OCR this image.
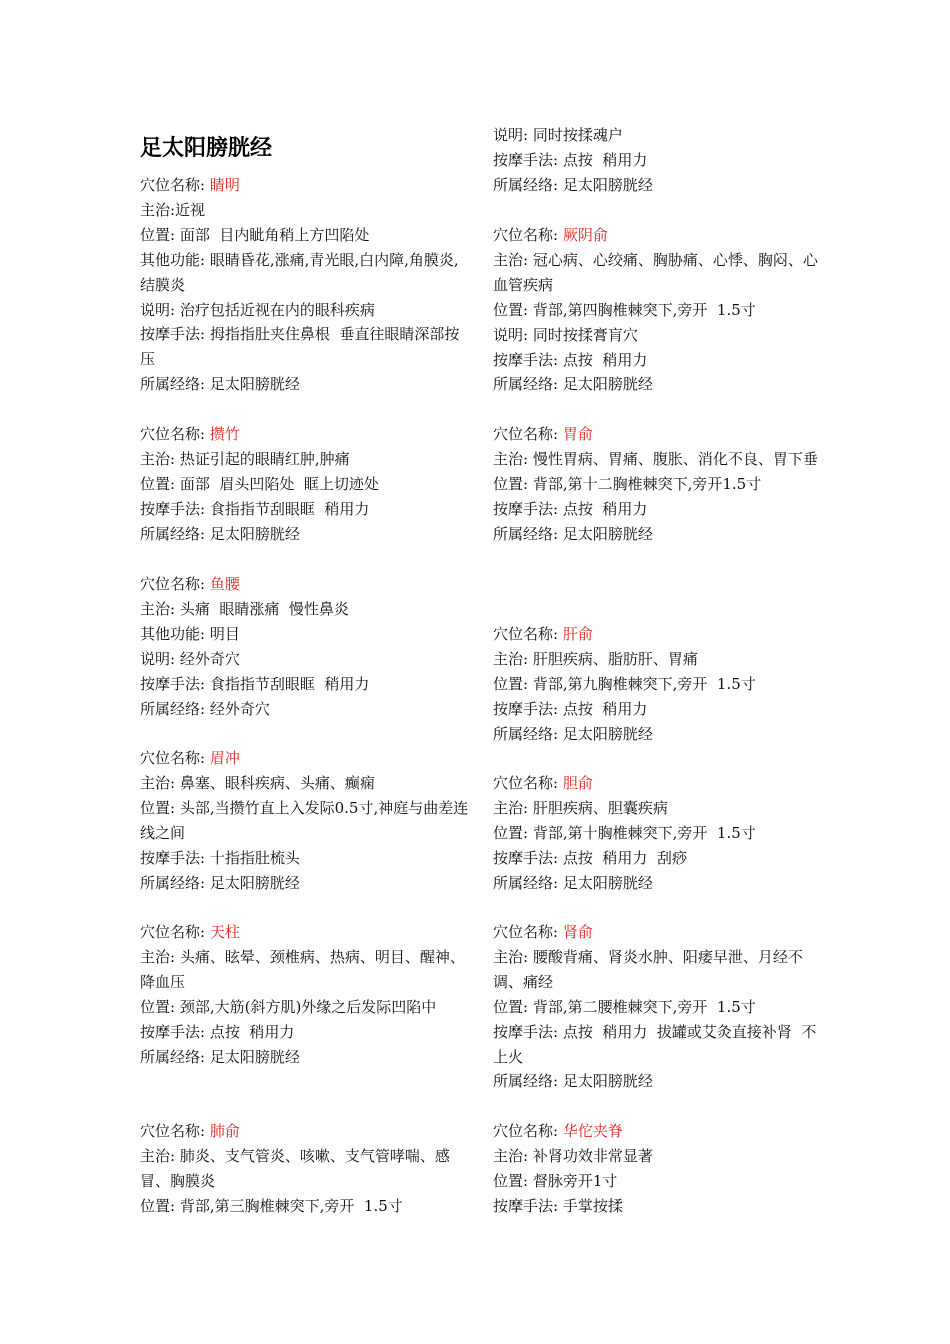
足太阳膀胱经
穴位名称: 睛明
主治:近视
位置: 面部  目内眦角稍上方凹陷处
其他功能: 眼睛昏花,涨痛,青光眼,白内障,角膜炎,结膜炎
说明: 治疗包括近视在内的眼科疾病
按摩手法: 拇指指肚夹住鼻根  垂直往眼睛深部按压
所属经络: 足太阳膀胱经
穴位名称: 攒竹
主治: 热证引起的眼睛红肿,肿痛
位置: 面部  眉头凹陷处  眶上切迹处
按摩手法: 食指指节刮眼眶  稍用力
所属经络: 足太阳膀胱经
穴位名称: 鱼腰
主治: 头痛  眼睛涨痛  慢性鼻炎
其他功能: 明目
说明: 经外奇穴
按摩手法: 食指指节刮眼眶  稍用力
所属经络: 经外奇穴
穴位名称: 眉冲
主治: 鼻塞、眼科疾病、头痛、癫痫
位置: 头部,当攒竹直上入发际0.5寸,神庭与曲差连线之间
按摩手法: 十指指肚梳头
所属经络: 足太阳膀胱经
穴位名称: 天柱
主治: 头痛、眩晕、颈椎病、热病、明目、醒神、降血压
位置: 颈部,大筋(斜方肌)外缘之后发际凹陷中
按摩手法: 点按  稍用力
所属经络: 足太阳膀胱经
穴位名称: 肺俞
主治: 肺炎、支气管炎、咳嗽、支气管哮喘、感冒、胸膜炎
位置: 背部,第三胸椎棘突下,旁开  1.5寸
说明: 同时按揉魂户
按摩手法: 点按  稍用力
所属经络: 足太阳膀胱经
穴位名称: 厥阴俞
主治: 冠心病、心绞痛、胸胁痛、心悸、胸闷、心血管疾病
位置: 背部,第四胸椎棘突下,旁开  1.5寸
说明: 同时按揉膏肓穴
按摩手法: 点按  稍用力
所属经络: 足太阳膀胱经
穴位名称: 胃俞
主治: 慢性胃病、胃痛、腹胀、消化不良、胃下垂
位置: 背部,第十二胸椎棘突下,旁开1.5寸
按摩手法: 点按  稍用力
所属经络: 足太阳膀胱经
穴位名称: 肝俞
主治: 肝胆疾病、脂肪肝、胃痛
位置: 背部,第九胸椎棘突下,旁开  1.5寸
按摩手法: 点按  稍用力
所属经络: 足太阳膀胱经
穴位名称: 胆俞
主治: 肝胆疾病、胆囊疾病
位置: 背部,第十胸椎棘突下,旁开  1.5寸
按摩手法: 点按  稍用力  刮痧
所属经络: 足太阳膀胱经
穴位名称: 肾俞
主治: 腰酸背痛、肾炎水肿、阳痿早泄、月经不调、痛经
位置: 背部,第二腰椎棘突下,旁开  1.5寸
按摩手法: 点按  稍用力  拔罐或艾灸直接补肾  不上火
所属经络: 足太阳膀胱经
穴位名称: 华佗夹脊
主治: 补肾功效非常显著
位置: 督脉旁开1寸
按摩手法: 手掌按揉
